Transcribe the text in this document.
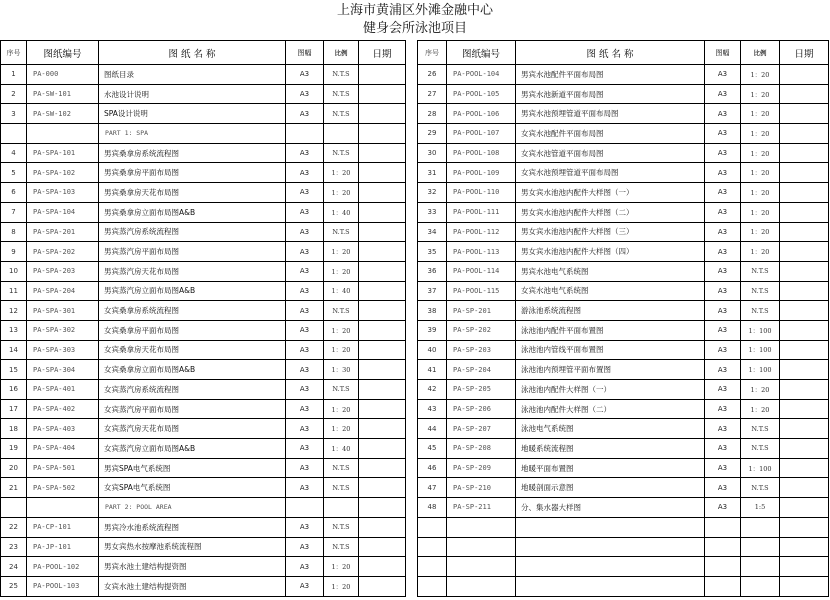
上海市黄浦区外滩金融中心
健身会所泳池项目
序号	图纸编号	图 纸 名 称	图幅	比例	日期
1	PA-000	图纸目录	A3	N.T.S
2	PA-SW-101	水池设计说明	A3	N.T.S
3	PA-SW-102	SPA设计说明	A3	N.T.S
PART 1: SPA
4	PA-SPA-101	男宾桑拿房系统流程图	A3	N.T.S
5	PA-SPA-102	男宾桑拿房平面布局图	A3	1：20
6	PA-SPA-103	男宾桑拿房天花布局图	A3	1：20
7	PA-SPA-104	男宾桑拿房立面布局图A&B	A3	1：40
8	PA-SPA-201	男宾蒸汽房系统流程图	A3	N.T.S
9	PA-SPA-202	男宾蒸汽房平面布局图	A3	1：20
10	PA-SPA-203	男宾蒸汽房天花布局图	A3	1：20
11	PA-SPA-204	男宾蒸汽房立面布局图A&B	A3	1：40
12	PA-SPA-301	女宾桑拿房系统流程图	A3	N.T.S
13	PA-SPA-302	女宾桑拿房平面布局图	A3	1：20
14	PA-SPA-303	女宾桑拿房天花布局图	A3	1：20
15	PA-SPA-304	女宾桑拿房立面布局图A&B	A3	1：30
16	PA-SPA-401	女宾蒸汽房系统流程图	A3	N.T.S
17	PA-SPA-402	女宾蒸汽房平面布局图	A3	1：20
18	PA-SPA-403	女宾蒸汽房天花布局图	A3	1：20
19	PA-SPA-404	女宾蒸汽房立面布局图A&B	A3	1：40
20	PA-SPA-501	男宾SPA电气系统图	A3	N.T.S
21	PA-SPA-502	女宾SPA电气系统图	A3	N.T.S
PART 2: POOL AREA
22	PA-CP-101	男宾冷水池系统流程图	A3	N.T.S
23	PA-JP-101	男女宾热水按摩池系统流程图	A3	N.T.S
24	PA-POOL-102	男宾水池土建结构提资图	A3	1：20
25	PA-POOL-103	女宾水池土建结构提资图	A3	1：20
序号	图纸编号	图 纸 名 称	图幅	比例	日期
26	PA-POOL-104	男宾水池配件平面布局图	A3	1：20
27	PA-POOL-105	男宾水池新道平面布局图	A3	1：20
28	PA-POOL-106	男宾水池预埋管道平面布局图	A3	1：20
29	PA-POOL-107	女宾水池配件平面布局图	A3	1：20
30	PA-POOL-108	女宾水池管道平面布局图	A3	1：20
31	PA-POOL-109	女宾水池预埋管道平面布局图	A3	1：20
32	PA-POOL-110	男女宾水池池内配件大样图（一）	A3	1：20
33	PA-POOL-111	男女宾水池池内配件大样图（二）	A3	1：20
34	PA-POOL-112	男女宾水池池内配件大样图（三）	A3	1：20
35	PA-POOL-113	男女宾水池池内配件大样图（四）	A3	1：20
36	PA-POOL-114	男宾水池电气系统图	A3	N.T.S
37	PA-POOL-115	女宾水池电气系统图	A3	N.T.S
38	PA-SP-201	游泳池系统流程图	A3	N.T.S
39	PA-SP-202	泳池池内配件平面布置图	A3	1：100
40	PA-SP-203	泳池池内管线平面布置图	A3	1：100
41	PA-SP-204	泳池池内预埋管平面布置图	A3	1：100
42	PA-SP-205	泳池池内配件大样图（一）	A3	1：20
43	PA-SP-206	泳池池内配件大样图（二）	A3	1：20
44	PA-SP-207	泳池电气系统图	A3	N.T.S
45	PA-SP-208	地暖系统流程图	A3	N.T.S
46	PA-SP-209	地暖平面布置图	A3	1：100
47	PA-SP-210	地暖剖面示意图	A3	N.T.S
48	PA-SP-211	分、集水器大样图	A3	1:5
